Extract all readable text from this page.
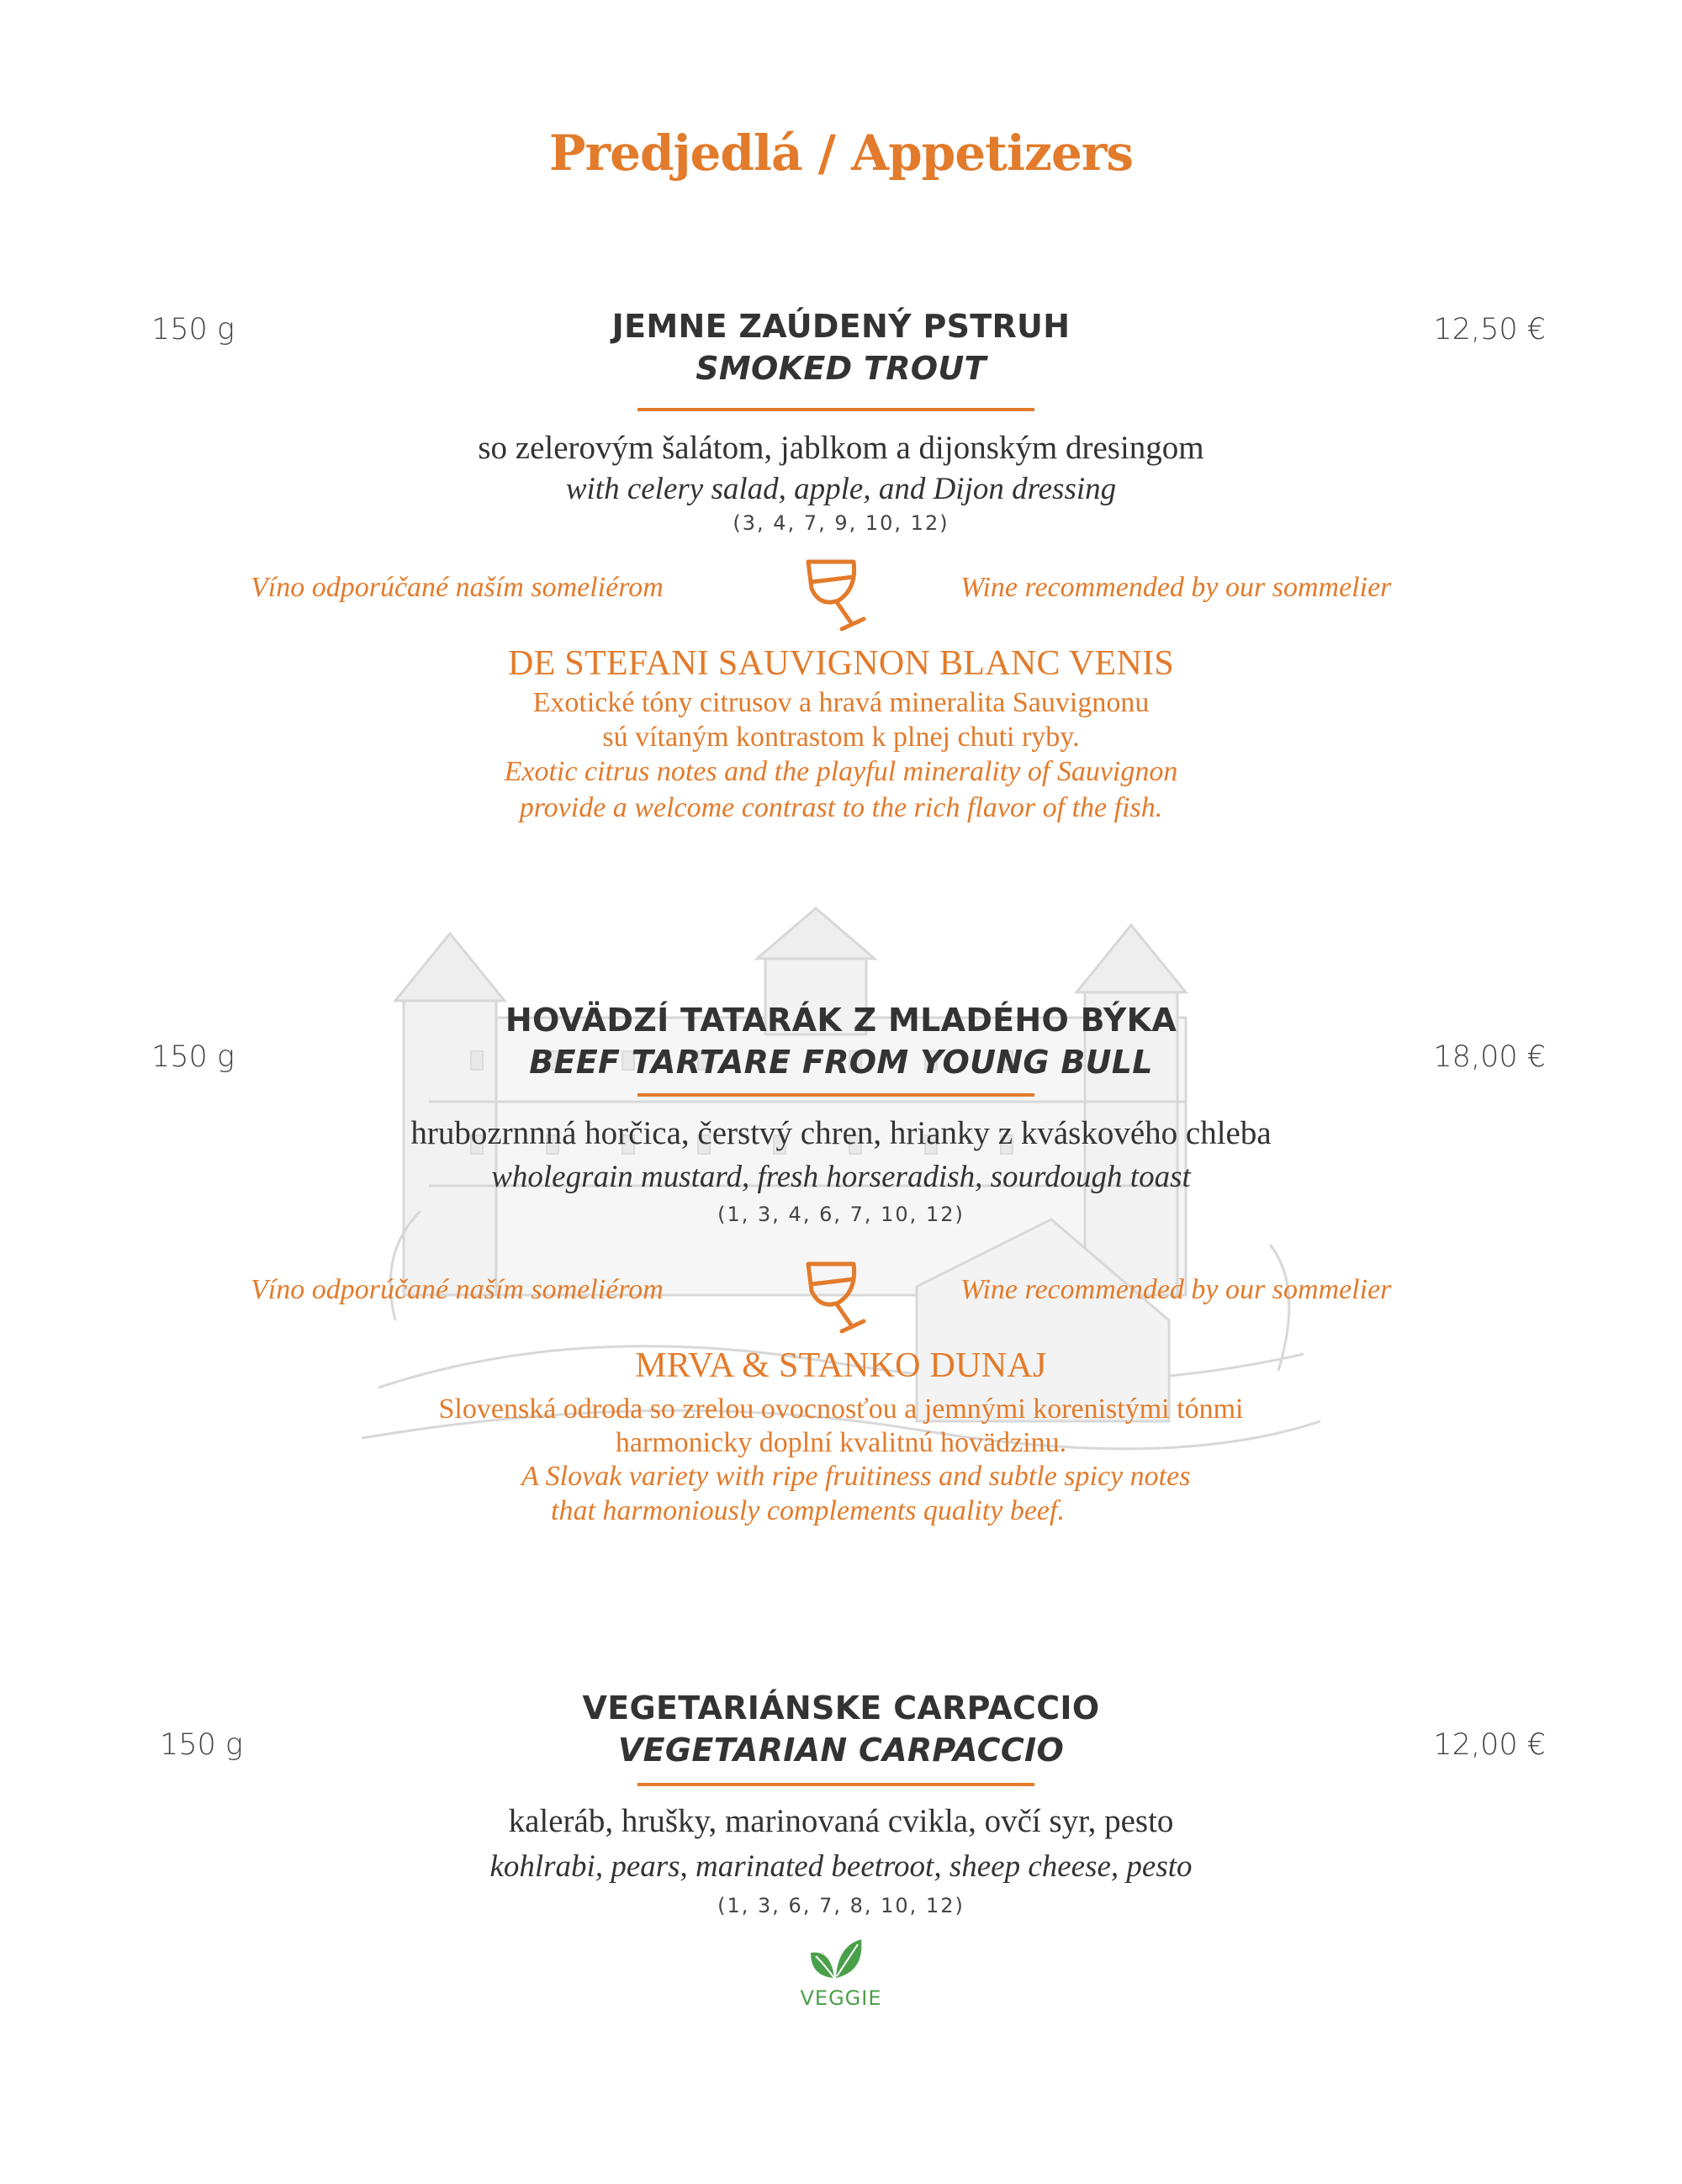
Predjedlá / Appetizers
150 g	12,50 €
JEMNE ZAÚDENÝ PSTRUH
SMOKED TROUT
so zelerovým šalátom, jablkom a dijonským dresingom
with celery salad, apple, and Dijon dressing
(3, 4, 7, 9, 10, 12)
Víno odporúčané naším someliérom	Wine recommended by our sommelier
DE STEFANI SAUVIGNON BLANC VENIS
Exotické tóny citrusov a hravá mineralita Sauvignonu
sú vítaným kontrastom k plnej chuti ryby.
Exotic citrus notes and the playful minerality of Sauvignon
provide a welcome contrast to the rich flavor of the fish.
150 g	18,00 €
HOVÄDZÍ TATARÁK Z MLADÉHO BÝKA
BEEF TARTARE FROM YOUNG BULL
hrubozrnnná horčica, čerstvý chren, hrianky z kváskového chleba
wholegrain mustard, fresh horseradish, sourdough toast
(1, 3, 4, 6, 7, 10, 12)
Víno odporúčané naším someliérom	Wine recommended by our sommelier
MRVA & STANKO DUNAJ
Slovenská odroda so zrelou ovocnosťou a jemnými korenistými tónmi
harmonicky doplní kvalitnú hovädzinu.
A Slovak variety with ripe fruitiness and subtle spicy notes
that harmoniously complements quality beef.
150 g	12,00 €
VEGETARIÁNSKE CARPACCIO
VEGETARIAN CARPACCIO
kaleráb, hrušky, marinovaná cvikla, ovčí syr, pesto
kohlrabi, pears, marinated beetroot, sheep cheese, pesto
(1, 3, 6, 7, 8, 10, 12)
VEGGIE
